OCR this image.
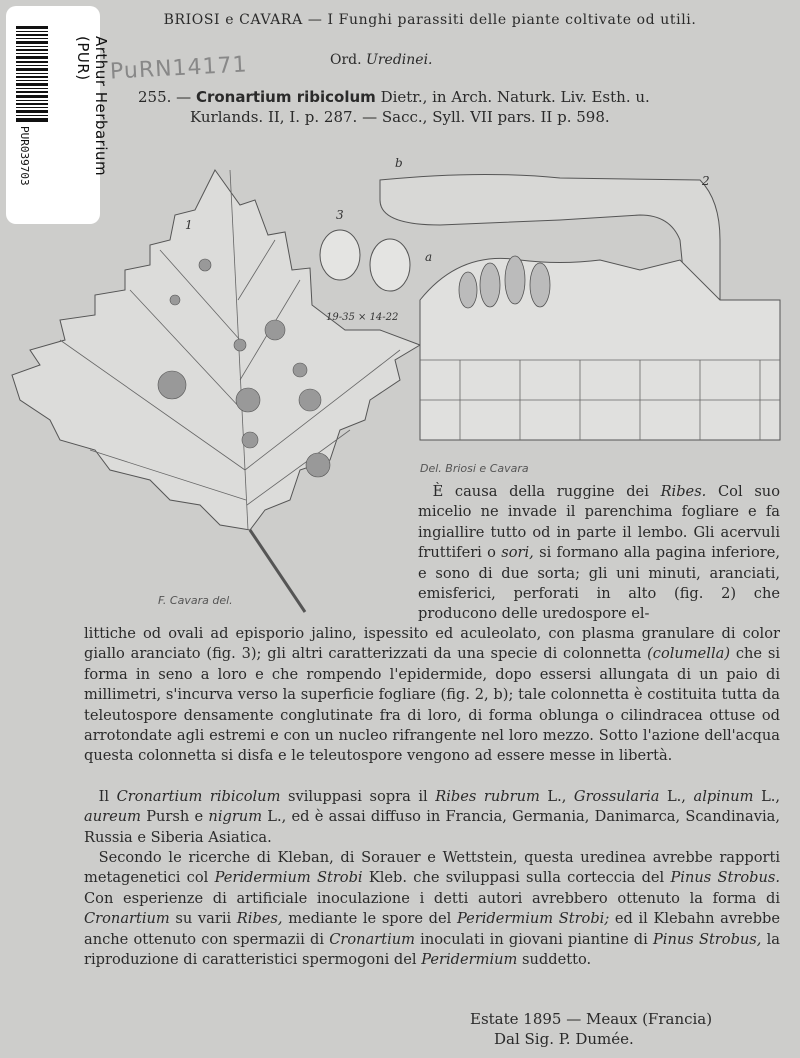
Arthur Herbarium (PUR)
PUR039703
BRIOSI e CAVARA — I Funghi parassiti delle piante coltivate od utili.
PuRN14171	Ord. Uredinei.
255. — Cronartium ribicolum Dietr., in Arch. Naturk. Liv. Esth. u.
Kurlands. II, I. p. 287. — Sacc., Syll. VII pars. II p. 598.
1
2
3
a
b
19-35 × 14-22
F. Cavara del.
Del. Briosi e Cavara

 È causa della ruggine dei Ribes. Col suo micelio ne invade il parenchima fogliare e fa ingiallire tutto od in parte il lembo. Gli acervuli fruttiferi o sori, si formano alla pagina inferiore, e sono di due sorta; gli uni minuti, aranciati, emisferici, perforati in alto (fig. 2) che producono delle uredospore el-

littiche od ovali ad episporio jalino, ispessito ed aculeolato, con plasma granulare di color giallo aranciato (fig. 3); gli altri caratterizzati da una specie di colonnetta (columella) che si forma in seno a loro e che rompendo l'epidermide, dopo essersi allungata di un paio di millimetri, s'incurva verso la superficie fogliare (fig. 2, b); tale colonnetta è costituita tutta da teleutospore densamente conglutinate fra di loro, di forma oblunga o cilindracea ottuse od arrotondate agli estremi e con un nucleo rifrangente nel loro mezzo. Sotto l'azione dell'acqua questa colonnetta si disfa e le teleutospore vengono ad essere messe in libertà.

 Il Cronartium ribicolum sviluppasi sopra il Ribes rubrum L., Grossularia L., alpinum L., aureum Pursh e nigrum L., ed è assai diffuso in Francia, Germania, Danimarca, Scandinavia, Russia e Siberia Asiatica.

 Secondo le ricerche di Kleban, di Sorauer e Wettstein, questa uredinea avrebbe rapporti metagenetici col Peridermium Strobi Kleb. che sviluppasi sulla corteccia del Pinus Strobus. Con esperienze di artificiale inoculazione i detti autori avrebbero ottenuto la forma di Cronartium su varii Ribes, mediante le spore del Peridermium Strobi; ed il Klebahn avrebbe anche ottenuto con spermazii di Cronartium inoculati in giovani piantine di Pinus Strobus, la riproduzione di caratteristici spermogoni del Peridermium suddetto.

Estate 1895 — Meaux (Francia)
Dal Sig. P. Dumée.
